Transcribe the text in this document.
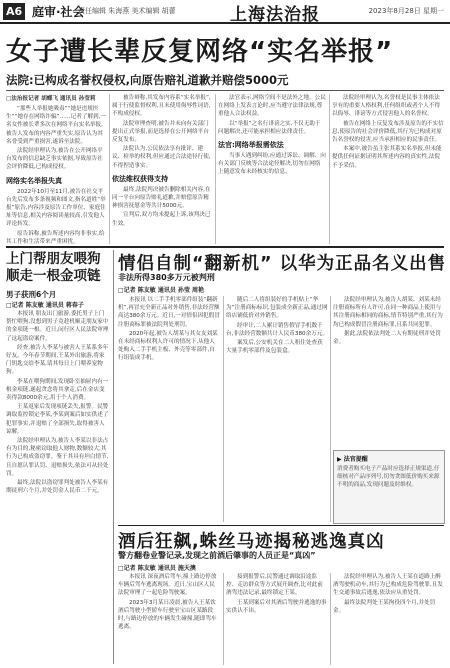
A6 庭审·社会
责任编辑 朱海燕 美术编辑 胡蕾	上海法治报	2023年8月28日 星期一
女子遭长辈反复网络“实名举报”
法院:已构成名誉权侵权,向原告赔礼道歉并赔偿5000元
□法治报记者 胡蝶飞 通讯员 孙莹莉

“那些人举报她吸毒”“她是违规医生”“她存在网络诈骗”……记者了解到,一名女性被长辈多次在网络平台实名举报,被告人发布的内容严重失实,原告认为其名誉受到严重损害,遂诉至法院。

法院经审理认为,被告在公开网络平台发布的信息缺乏事实依据,导致原告社会评价降低,已构成侵权。

网络实名举报失真

2022年10月至11月,被告在社交平台先后发布多条视频和图文,指名道姓“举报”原告,内容涉及原告工作单位、家庭住址等信息,相关内容阅读量较高,引发他人评论转发。

原告诉称,被告所述内容均非事实,给其工作和生活带来严重困扰。

被告辩称,其发布内容系“实名举报”,属于行使监督权利,且未使用侮辱性词语,不构成侵权。

法院审理查明,被告并未向有关部门提出正式举报,而是选择在公开网络平台反复发布。

法院认为,公民依法享有批评、建议、检举的权利,但应通过合法途径行使,不得捏造事实。

依法维权获得支持

最终,法院判决被告删除相关内容,在同一平台向原告赔礼道歉,并赔偿原告精神损害抚慰金等共计5000元。

宣判后,双方均未提起上诉,该判决已生效。

法官表示,网络空间不是法外之地。公民在网络上发表言论时,应当遵守法律法规,尊重他人合法权益。

以“举报”之名行诽谤之实,不仅无助于问题解决,还可能承担相应法律责任。

法官:网络举报需依法

当事人遇到纠纷,应通过诉讼、调解、向有关部门反映等合法途径解决,切勿在网络上随意发布未经核实的信息。

法院经审理认为,名誉权是民事主体依法享有的重要人格权利,任何组织或者个人不得以侮辱、诽谤等方式侵害他人的名誉权。

被告在网络上反复发布涉及原告的不实信息,使原告的社会评价降低,其行为已构成对原告名誉权的侵害,应当承担相应的民事责任。

本案中,被告虽主张其系实名举报,但未能提供任何证据证明其所述内容的真实性,法院不予采信。

上门帮朋友喂狗 顺走一根金项链
男子获刑6个月
□记者 陈友敏 通讯员 蒋春子

本报讯 朋友出门旅游,委托男子上门帮忙喂狗,没想到男子竟趁机顺走朋友家中的金项链一根。近日,闵行区人民法院审理了这起盗窃案件。

经查,被告人李某与被害人王某系多年好友。今年春节期间,王某外出旅游,将家门钥匙交给李某,请其每日上门喂养宠物狗。

李某在喂狗期间,发现卧室抽屉内有一根金项链,遂起贪念将其拿走,后在金店变卖得款8000余元,用于个人消费。

王某返家后发现项链丢失,报警。民警调取监控锁定李某,李某到案后如实供述了犯罪事实,并退赔了全部损失,取得被害人谅解。

法院经审理认为,被告人李某以非法占有为目的,秘密窃取他人财物,数额较大,其行为已构成盗窃罪。鉴于其具有坦白情节,且自愿认罪认罚、退赔损失,依法可从轻处罚。

最终,法院以盗窃罪判处被告人李某有期徒刑六个月,并处罚金人民币二千元。

情侣自制“翻新机” 以华为正品名义出售
非法所得380多万元被判刑
□记者 陈友敏 通讯员 孙莹 周艳

本报讯 以二手手机零部件组装“翻新机”,再冒充全新正品对外销售,非法经营额高达380余万元。近日,一对情侣因犯假冒注册商标罪被法院判处刑罚。

2020年起,被告人胡某与其女友刘某在未经商标权利人许可的情况下,从他人处购入二手手机主板、外壳等零部件,自行组装成手机。

随后二人将组装好的手机贴上“华为”注册商标标识,包装成全新正品,通过网络店铺低价对外销售。

经审计,二人累计销售假冒手机数千台,非法经营数额共计人民币380余万元。

案发后,公安机关在二人租住处查获大量手机零部件及包装盒。

法院经审理认为,被告人胡某、刘某未经注册商标所有人许可,在同一种商品上使用与其注册商标相同的商标,情节特别严重,其行为均已构成假冒注册商标罪,且系共同犯罪。

据此,法院依法判处二人有期徒刑并处罚金。

▶ 法官提醒
消费者购买电子产品时应选择正规渠道,仔细核对产品序列号,切勿贪图低价购买来源不明的商品,发现问题及时维权。
酒后狂飙,蛛丝马迹揭秘逃逸真凶
警方翻卷业警记录,发现之前酒后肇事的人员正是“真凶”
□记者 陈友敏 通讯员 施天澳

本报讯 深夜酒后驾车,撞上路边停放车辆后驾车逃离现场。近日,宝山区人民法院审理了一起危险驾驶案。

2023年3月某日凌晨,被告人王某饮酒后驾驶小型轿车行驶至宝山区某路段时,与路边停放的车辆发生碰撞,随即驾车逃离。

接到报警后,民警通过调取沿途监控、走访群众等方式展开调查,比对此前酒驾违法记录,最终锁定王某。

王某到案后对其酒后驾驶并逃逸的事实供认不讳。

法院经审理认为,被告人王某在道路上醉酒驾驶机动车,其行为已构成危险驾驶罪,且发生交通事故后逃逸,依法应从重处罚。

最终法院判处王某拘役四个月,并处罚金。
